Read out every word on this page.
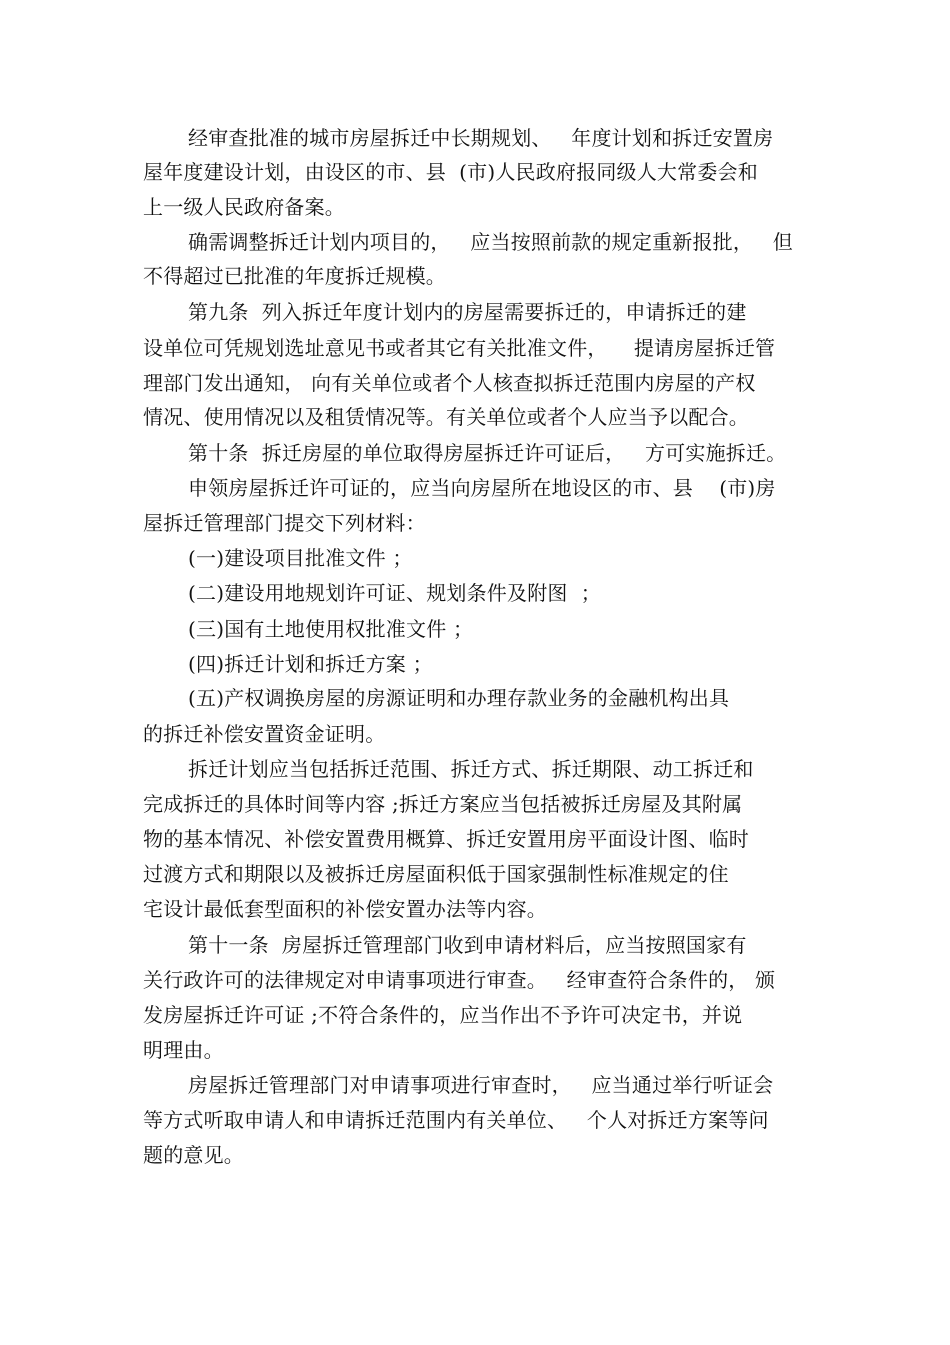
经审查批准的城市房屋拆迁中长期规划、   年度计划和拆迁安置房
屋年度建设计划，由设区的市、县  (市)人民政府报同级人大常委会和
上一级人民政府备案。
确需调整拆迁计划内项目的，   应当按照前款的规定重新报批，   但
不得超过已批准的年度拆迁规模。
第九条  列入拆迁年度计划内的房屋需要拆迁的，申请拆迁的建
设单位可凭规划选址意见书或者其它有关批准文件，    提请房屋拆迁管
理部门发出通知， 向有关单位或者个人核查拟拆迁范围内房屋的产权
情况、使用情况以及租赁情况等。有关单位或者个人应当予以配合。
第十条  拆迁房屋的单位取得房屋拆迁许可证后，   方可实施拆迁。
申领房屋拆迁许可证的，应当向房屋所在地设区的市、县    (市)房
屋拆迁管理部门提交下列材料：
(一)建设项目批准文件 ；
(二)建设用地规划许可证、规划条件及附图  ；
(三)国有土地使用权批准文件 ；
(四)拆迁计划和拆迁方案 ；
(五)产权调换房屋的房源证明和办理存款业务的金融机构出具
的拆迁补偿安置资金证明。
拆迁计划应当包括拆迁范围、拆迁方式、拆迁期限、动工拆迁和
完成拆迁的具体时间等内容 ;拆迁方案应当包括被拆迁房屋及其附属
物的基本情况、补偿安置费用概算、拆迁安置用房平面设计图、临时
过渡方式和期限以及被拆迁房屋面积低于国家强制性标准规定的住
宅设计最低套型面积的补偿安置办法等内容。
第十一条  房屋拆迁管理部门收到申请材料后，应当按照国家有
关行政许可的法律规定对申请事项进行审查。   经审查符合条件的， 颁
发房屋拆迁许可证 ;不符合条件的，应当作出不予许可决定书，并说
明理由。
房屋拆迁管理部门对申请事项进行审查时，   应当通过举行听证会
等方式听取申请人和申请拆迁范围内有关单位、   个人对拆迁方案等问
题的意见。
